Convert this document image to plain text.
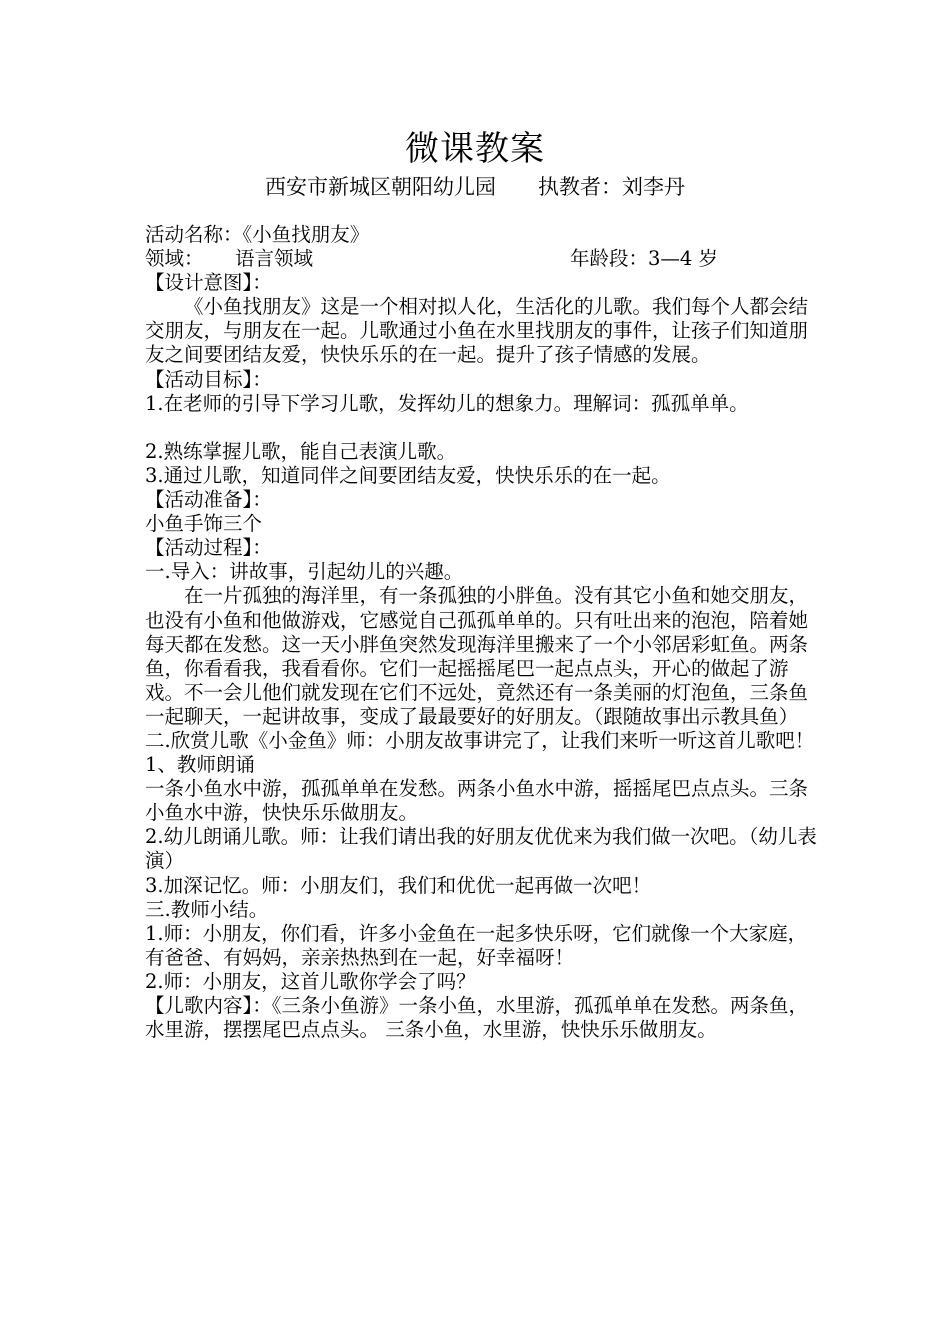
微课教案
西安市新城区朝阳幼儿园　　执教者：刘李丹

活动名称：《小鱼找朋友》

领域： 语言领域	年龄段：3—4 岁

【设计意图】：

《小鱼找朋友》这是一个相对拟人化，生活化的儿歌。我们每个人都会结交朋友，与朋友在一起。儿歌通过小鱼在水里找朋友的事件，让孩子们知道朋友之间要团结友爱，快快乐乐的在一起。提升了孩子情感的发展。

【活动目标】：

1.在老师的引导下学习儿歌，发挥幼儿的想象力。理解词：孤孤单单。

2.熟练掌握儿歌，能自己表演儿歌。

3.通过儿歌，知道同伴之间要团结友爱，快快乐乐的在一起。

【活动准备】：

小鱼手饰三个

【活动过程】：

一.导入：讲故事，引起幼儿的兴趣。

在一片孤独的海洋里，有一条孤独的小胖鱼。没有其它小鱼和她交朋友，也没有小鱼和他做游戏，它感觉自己孤孤单单的。只有吐出来的泡泡，陪着她每天都在发愁。这一天小胖鱼突然发现海洋里搬来了一个小邻居彩虹鱼。两条鱼，你看看我，我看看你。它们一起摇摇尾巴一起点点头，开心的做起了游戏。不一会儿他们就发现在它们不远处，竟然还有一条美丽的灯泡鱼，三条鱼一起聊天，一起讲故事，变成了最最要好的好朋友。（跟随故事出示教具鱼）

二.欣赏儿歌《小金鱼》师：小朋友故事讲完了，让我们来听一听这首儿歌吧！

1、教师朗诵

一条小鱼水中游，孤孤单单在发愁。两条小鱼水中游，摇摇尾巴点点头。三条小鱼水中游，快快乐乐做朋友。

2.幼儿朗诵儿歌。师：让我们请出我的好朋友优优来为我们做一次吧。（幼儿表演）

3.加深记忆。师：小朋友们，我们和优优一起再做一次吧！

三.教师小结。

1.师：小朋友，你们看，许多小金鱼在一起多快乐呀，它们就像一个大家庭，有爸爸、有妈妈，亲亲热热到在一起，好幸福呀！

2.师：小朋友，这首儿歌你学会了吗？

【儿歌内容】：《三条小鱼游》一条小鱼，水里游，孤孤单单在发愁。两条鱼，水里游，摆摆尾巴点点头。 三条小鱼，水里游，快快乐乐做朋友。
